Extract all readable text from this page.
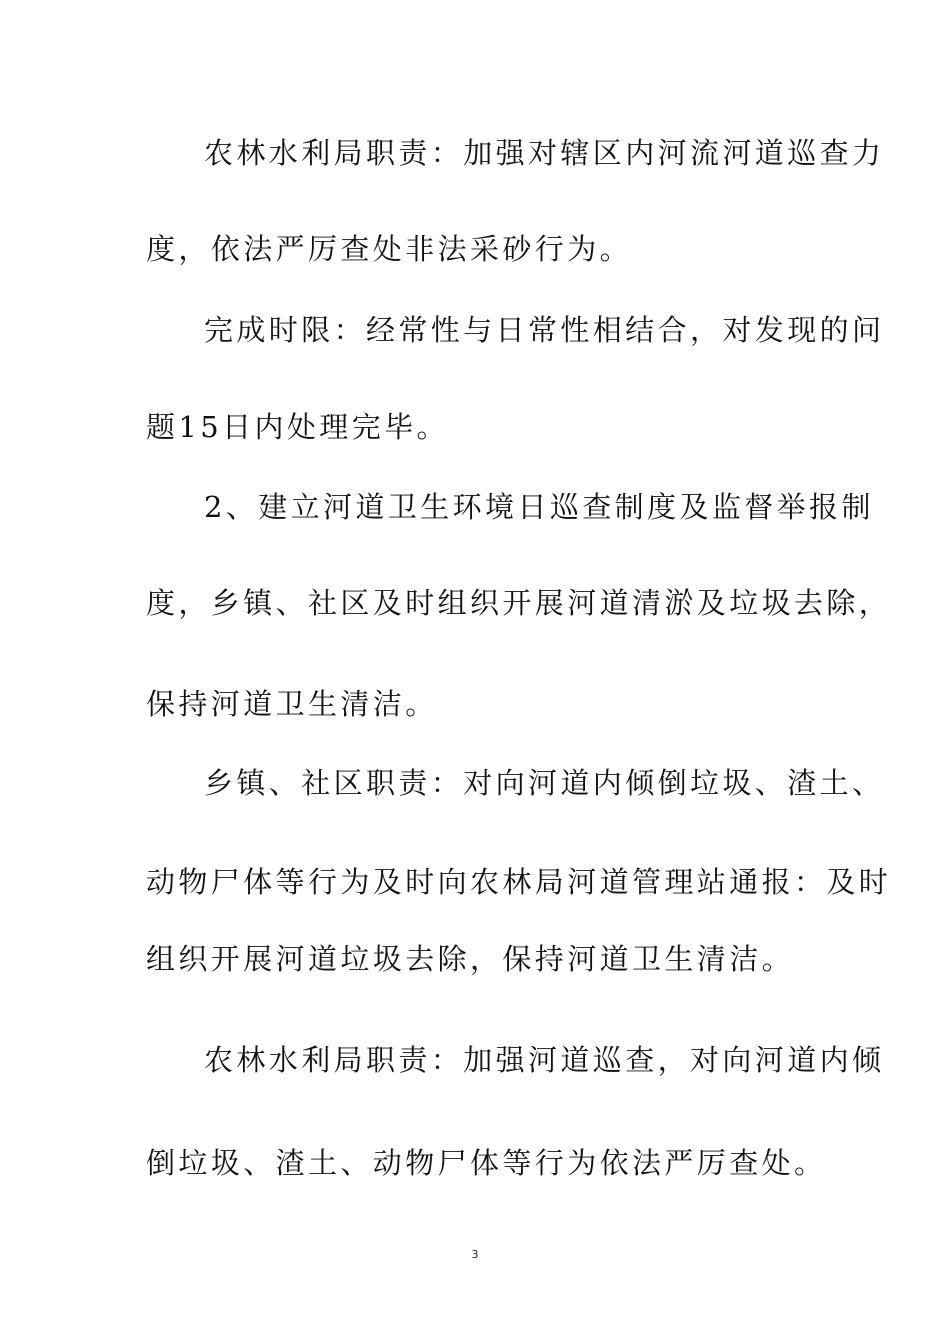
农林水利局职责：加强对辖区内河流河道巡查力
度，依法严厉查处非法采砂行为。
完成时限：经常性与日常性相结合，对发现的问
题15日内处理完毕。
2、建立河道卫生环境日巡查制度及监督举报制
度，乡镇、社区及时组织开展河道清淤及垃圾去除，
保持河道卫生清洁。
乡镇、社区职责：对向河道内倾倒垃圾、渣土、
动物尸体等行为及时向农林局河道管理站通报：及时
组织开展河道垃圾去除，保持河道卫生清洁。
农林水利局职责：加强河道巡查，对向河道内倾
倒垃圾、渣土、动物尸体等行为依法严厉查处。
3
